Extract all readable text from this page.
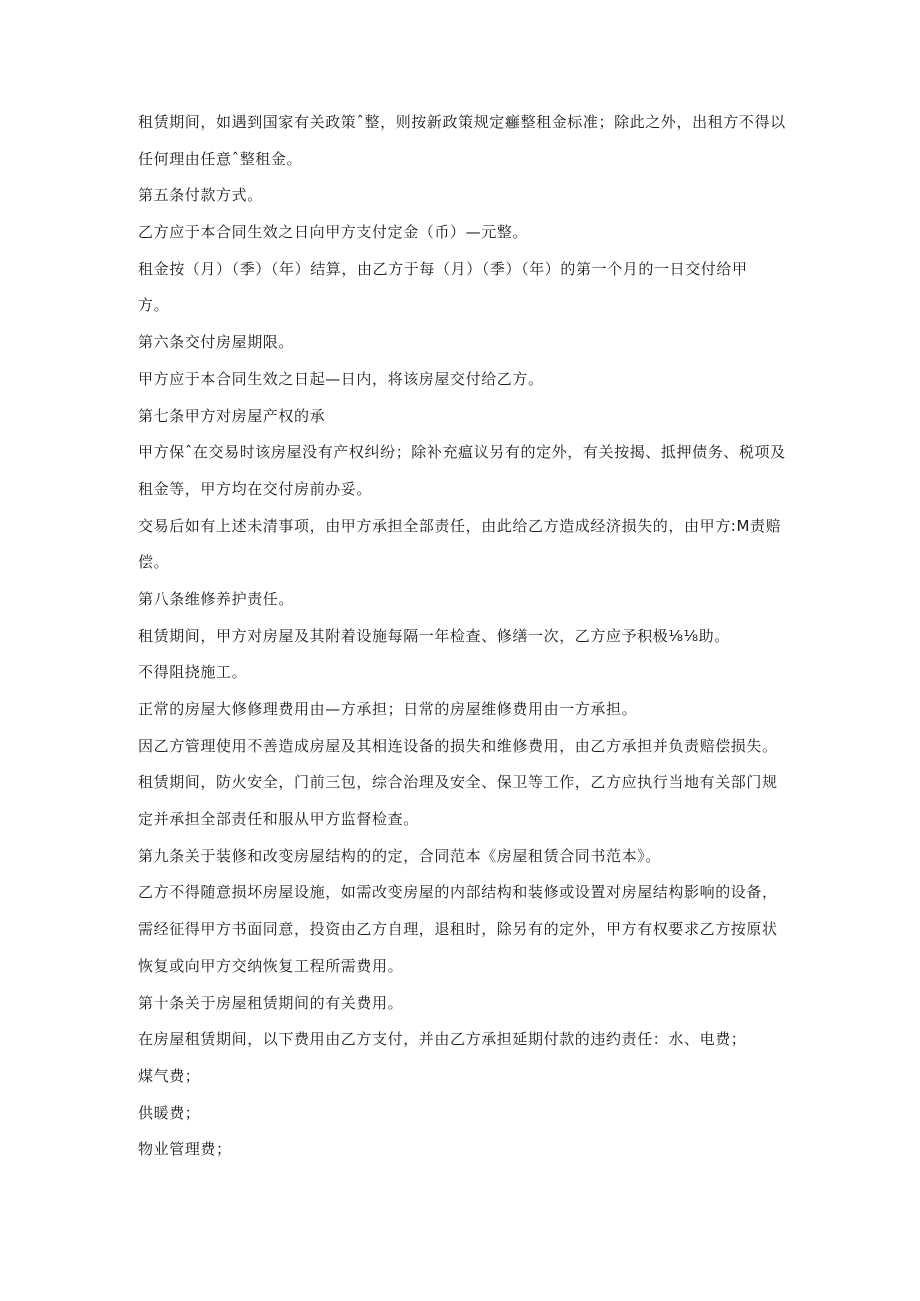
租赁期间，如遇到国家有关政策ˆ整，则按新政策规定癰整租金标准；除此之外，出租方不得以
任何理由任意ˆ整租金。
第五条付款方式。
乙方应于本合同生效之日向甲方支付定金（币）—元整。
租金按（月）（季）（年）结算，由乙方于每（月）（季）（年）的第一个月的一日交付给甲
方。
第六条交付房屋期限。
甲方应于本合同生效之日起—日内，将该房屋交付给乙方。
第七条甲方对房屋产权的承
甲方保ˆ在交易时该房屋没有产权纠纷；除补充瘟议另有的定外，有关按揭、抵押债务、税项及
租金等，甲方均在交付房前办妥。
交易后如有上述未清事项，由甲方承担全部责任，由此给乙方造成经济损失的，由甲方:M责赔
偿。
第八条维修养护责任。
租赁期间，甲方对房屋及其附着设施每隔一年检查、修缮一次，乙方应予积极⅛⅛助。
不得阻挠施工。
正常的房屋大修修理费用由—方承担；日常的房屋维修费用由一方承担。
因乙方管理使用不善造成房屋及其相连设备的损失和维修费用，由乙方承担并负责赔偿损失。
租赁期间，防火安全，门前三包，综合治理及安全、保卫等工作，乙方应执行当地有关部门规
定并承担全部责任和服从甲方监督检查。
第九条关于装修和改变房屋结构的的定，合同范本《房屋租赁合同书范本》。
乙方不得随意损坏房屋设施，如需改变房屋的内部结构和装修或设置对房屋结构影响的设备，
需经征得甲方书面同意，投资由乙方自理，退租时，除另有的定外，甲方有权要求乙方按原状
恢复或向甲方交纳恢复工程所需费用。
第十条关于房屋租赁期间的有关费用。
在房屋租赁期间，以下费用由乙方支付，并由乙方承担延期付款的违约责任：水、电费；
煤气费；
供暖费；
物业管理费；
